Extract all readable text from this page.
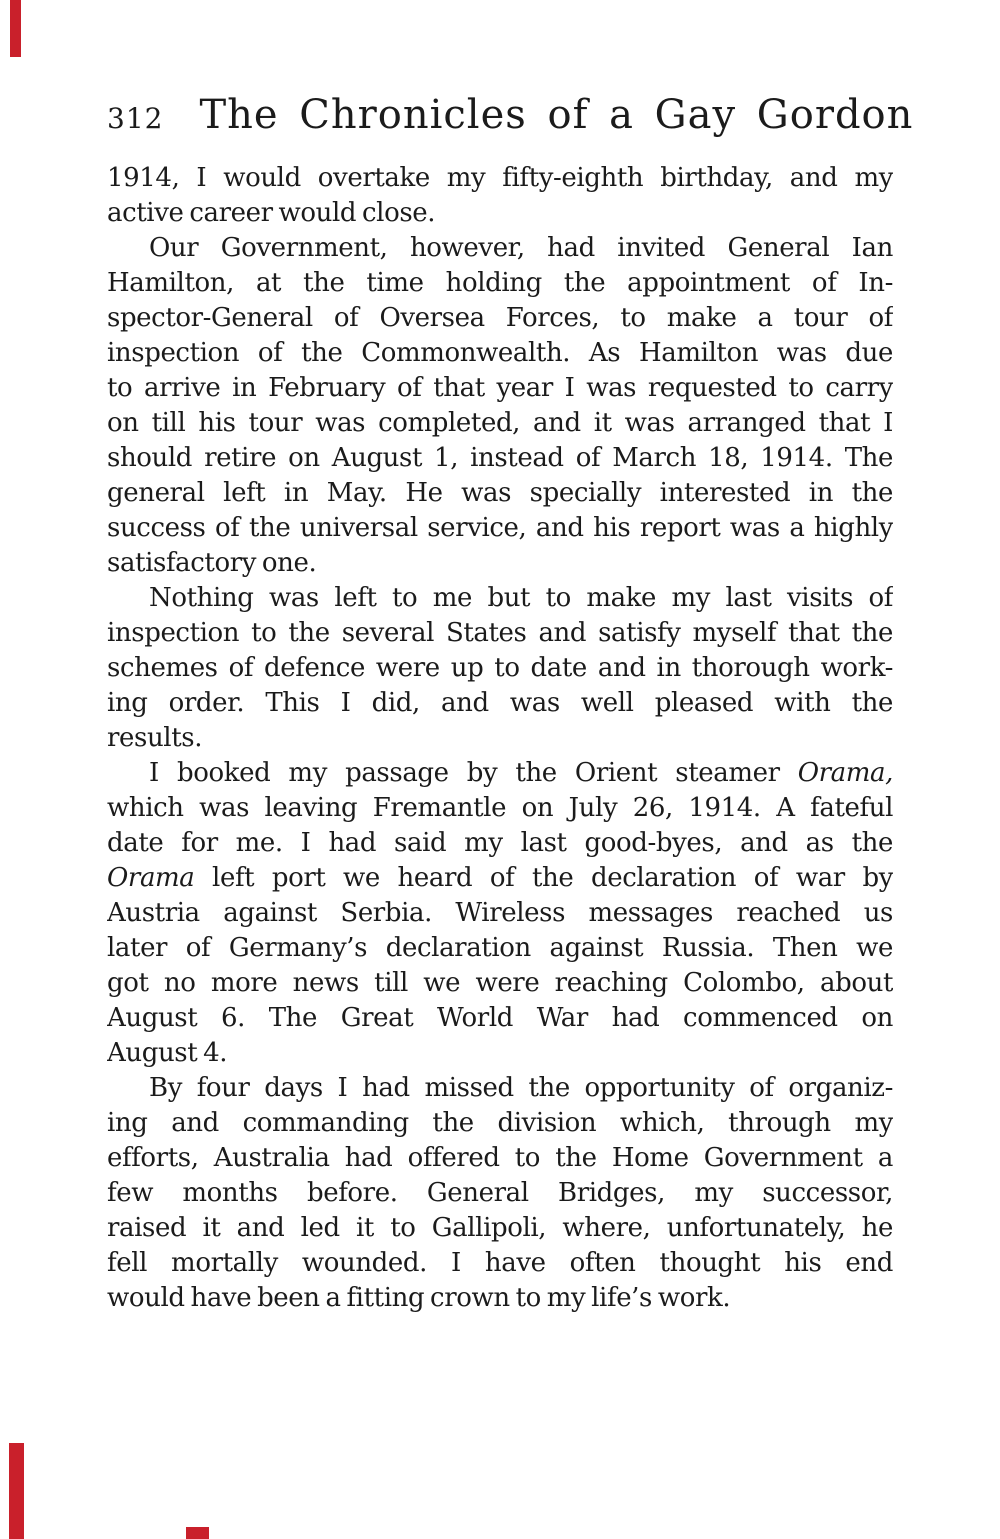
312 The Chronicles of a Gay Gordon
1914, I would overtake my fifty-eighth birthday, and my
active career would close.
Our Government, however, had invited General Ian
Hamilton, at the time holding the appointment of In-
spector-General of Oversea Forces, to make a tour of
inspection of the Commonwealth. As Hamilton was due
to arrive in February of that year I was requested to carry
on till his tour was completed, and it was arranged that I
should retire on August 1, instead of March 18, 1914. The
general left in May. He was specially interested in the
success of the universal service, and his report was a highly
satisfactory one.
Nothing was left to me but to make my last visits of
inspection to the several States and satisfy myself that the
schemes of defence were up to date and in thorough work-
ing order. This I did, and was well pleased with the
results.
I booked my passage by the Orient steamer Orama,
which was leaving Fremantle on July 26, 1914. A fateful
date for me. I had said my last good-byes, and as the
Orama left port we heard of the declaration of war by
Austria against Serbia. Wireless messages reached us
later of Germany’s declaration against Russia. Then we
got no more news till we were reaching Colombo, about
August 6. The Great World War had commenced on
August 4.
By four days I had missed the opportunity of organiz-
ing and commanding the division which, through my
efforts, Australia had offered to the Home Government a
few months before. General Bridges, my successor,
raised it and led it to Gallipoli, where, unfortunately, he
fell mortally wounded. I have often thought his end
would have been a fitting crown to my life’s work.
